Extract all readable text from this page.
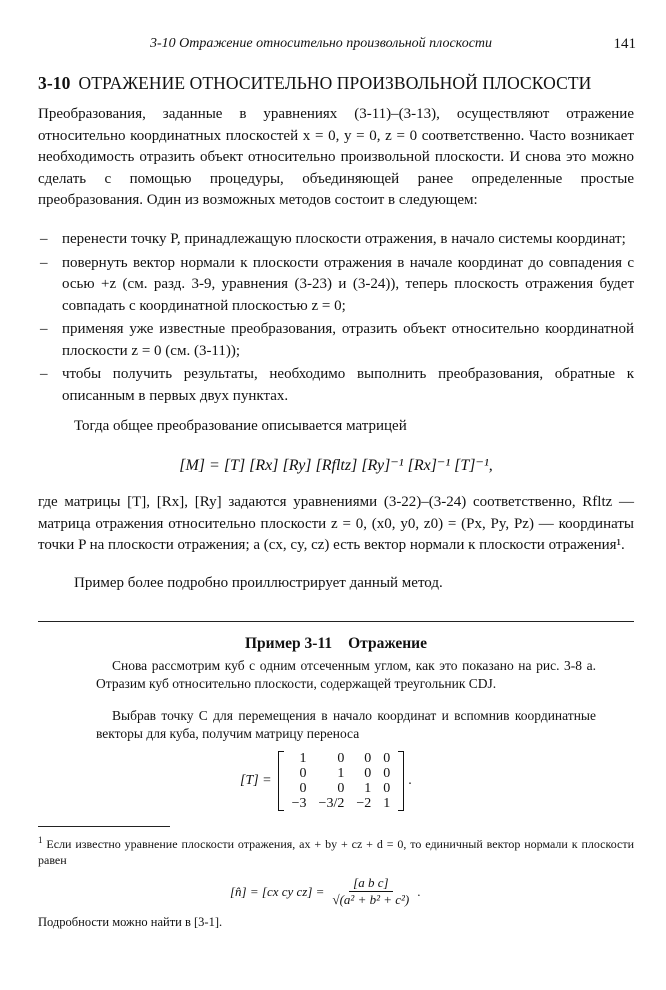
3-10 Отражение относительно произвольной плоскости	141
3-10 ОТРАЖЕНИЕ ОТНОСИТЕЛЬНО ПРОИЗВОЛЬНОЙ ПЛОСКОСТИ
Преобразования, заданные в уравнениях (3-11)–(3-13), осуществляют отражение относительно координатных плоскостей x = 0, y = 0, z = 0 соответственно. Часто возникает необходимость отразить объект относительно произвольной плоскости. И снова это можно сделать с помощью процедуры, объединяющей ранее определенные простые преобразования. Один из возможных методов состоит в следующем:
– перенести точку P, принадлежащую плоскости отражения, в начало системы координат;
– повернуть вектор нормали к плоскости отражения в начале координат до совпадения с осью +z (см. разд. 3-9, уравнения (3-23) и (3-24)), теперь плоскость отражения будет совпадать с координатной плоскостью z = 0;
– применяя уже известные преобразования, отразить объект относительно координатной плоскости z = 0 (см. (3-11));
– чтобы получить результаты, необходимо выполнить преобразования, обратные к описанным в первых двух пунктах.
Тогда общее преобразование описывается матрицей
[M] = [T] [Rx] [Ry] [Rfltz] [Ry]⁻¹ [Rx]⁻¹ [T]⁻¹,
где матрицы [T], [Rx], [Ry] задаются уравнениями (3-22)–(3-24) соответственно, Rfltz — матрица отражения относительно плоскости z = 0, (x0, y0, z0) = (Px, Py, Pz) — координаты точки P на плоскости отражения; а (cx, cy, cz) есть вектор нормали к плоскости отражения¹.
Пример более подробно проиллюстрирует данный метод.
Пример 3-11 Отражение
Снова рассмотрим куб с одним отсеченным углом, как это показано на рис. 3-8 а. Отразим куб относительно плоскости, содержащей треугольник CDJ.
Выбрав точку C для перемещения в начало координат и вспомнив координатные векторы для куба, получим матрицу переноса
[T] =
1	0	0	0
0	1	0	0
0	0	1	0
−3	−3/2	−2	1
.
$^1$ Если известно уравнение плоскости отражения, ax + by + cz + d = 0, то единичный вектор нормали к плоскости равен
[n̂] = [cx cy $cz] = \frac{\text{[a b c]}}{\text{√(a² + b² + c²)}}$ .
Подробности можно найти в [3-1].
